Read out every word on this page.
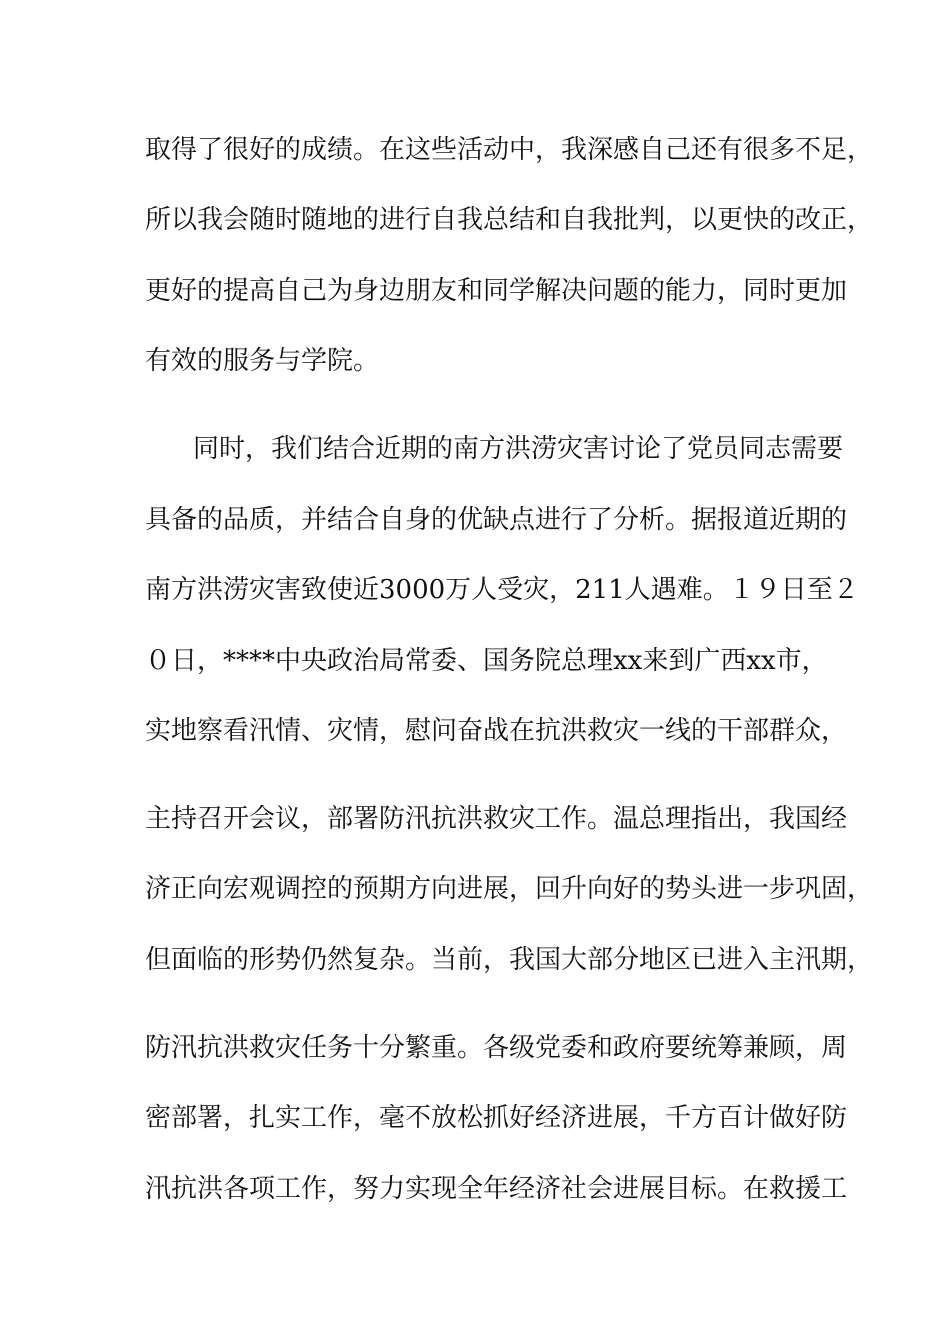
取得了很好的成绩。在这些活动中，我深感自己还有很多不足，
所以我会随时随地的进行自我总结和自我批判，以更快的改正，
更好的提高自己为身边朋友和同学解决问题的能力，同时更加
有效的服务与学院。
同时，我们结合近期的南方洪涝灾害讨论了党员同志需要
具备的品质，并结合自身的优缺点进行了分析。据报道近期的
南方洪涝灾害致使近3000万人受灾，211人遇难。１９日至２
０日，****中央政治局常委、国务院总理xx来到广西xx市，
实地察看汛情、灾情，慰问奋战在抗洪救灾一线的干部群众，
主持召开会议，部署防汛抗洪救灾工作。温总理指出，我国经
济正向宏观调控的预期方向进展，回升向好的势头进一步巩固，
但面临的形势仍然复杂。当前，我国大部分地区已进入主汛期，
防汛抗洪救灾任务十分繁重。各级党委和政府要统筹兼顾，周
密部署，扎实工作，毫不放松抓好经济进展，千方百计做好防
汛抗洪各项工作，努力实现全年经济社会进展目标。在救援工
